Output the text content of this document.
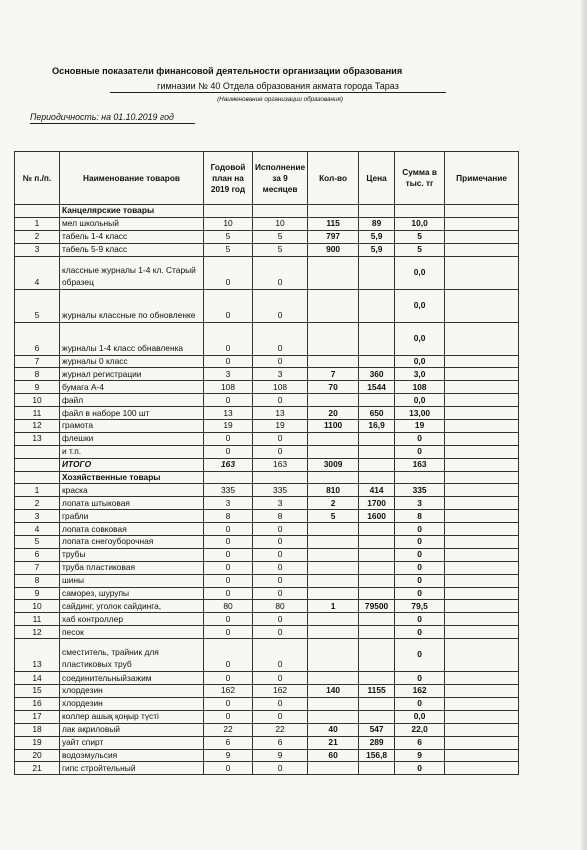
Основные показатели финансовой деятельности организации образования
гимназии № 40 Отдела образования акмата города Тараз
(Наименование организации образования)
Периодичность: на 01.10.2019 год
№ п./п.	Наименование товаров	Годовой план на 2019 год	Исполнение за 9 месяцев	Кол-во	Цена	Сумма в тыс. тг	Примечание
	Канцелярские товары						
1	мел школьный	10	10	115	89	10,0	
2	табель 1-4 класс	5	5	797	5,9	5	
3	табель 5-9 класс	5	5	900	5,9	5	
4	классные журналы 1-4 кл. Старый образец	0	0			0,0	
5	журналы классные по обновленке	0	0			0,0	
6	журналы 1-4 класс обнавленка	0	0			0,0	
7	журналы 0 класс	0	0			0,0	
8	журнал регистрации	3	3	7	360	3,0	
9	бумага А-4	108	108	70	1544	108	
10	файл	0	0			0,0	
11	файл в наборе 100 шт	13	13	20	650	13,00	
12	грамота	19	19	1100	16,9	19	
13	флешки	0	0			0	
	и т.п.	0	0			0	
	ИТОГО	163	163	3009		163	
	Хозяйственные товары						
1	краска	335	335	810	414	335	
2	лопата штыковая	3	3	2	1700	3	
3	грабли	8	8	5	1600	8	
4	лопата совковая	0	0			0	
5	лопата снегоуборочная	0	0			0	
6	трубы	0	0			0	
7	труба пластиковая	0	0			0	
8	шины	0	0			0	
9	саморез, шурупы	0	0			0	
10	сайдинг, уголок сайдинга,	80	80	1	79500	79,5	
11	хаб контроллер	0	0			0	
12	песок	0	0			0	
13	сместитель, трайник для пластиковых труб	0	0			0	
14	соединительныйзажим	0	0			0	
15	хлордезин	162	162	140	1155	162	
16	хлордезин	0	0			0	
17	коллер ашық қоңыр түсті	0	0			0,0	
18	лак акриловый	22	22	40	547	22,0	
19	уайт спирт	6	6	21	289	6	
20	водоэмульсия	9	9	60	156,8	9	
21	гипс стройтельный	0	0			0	
